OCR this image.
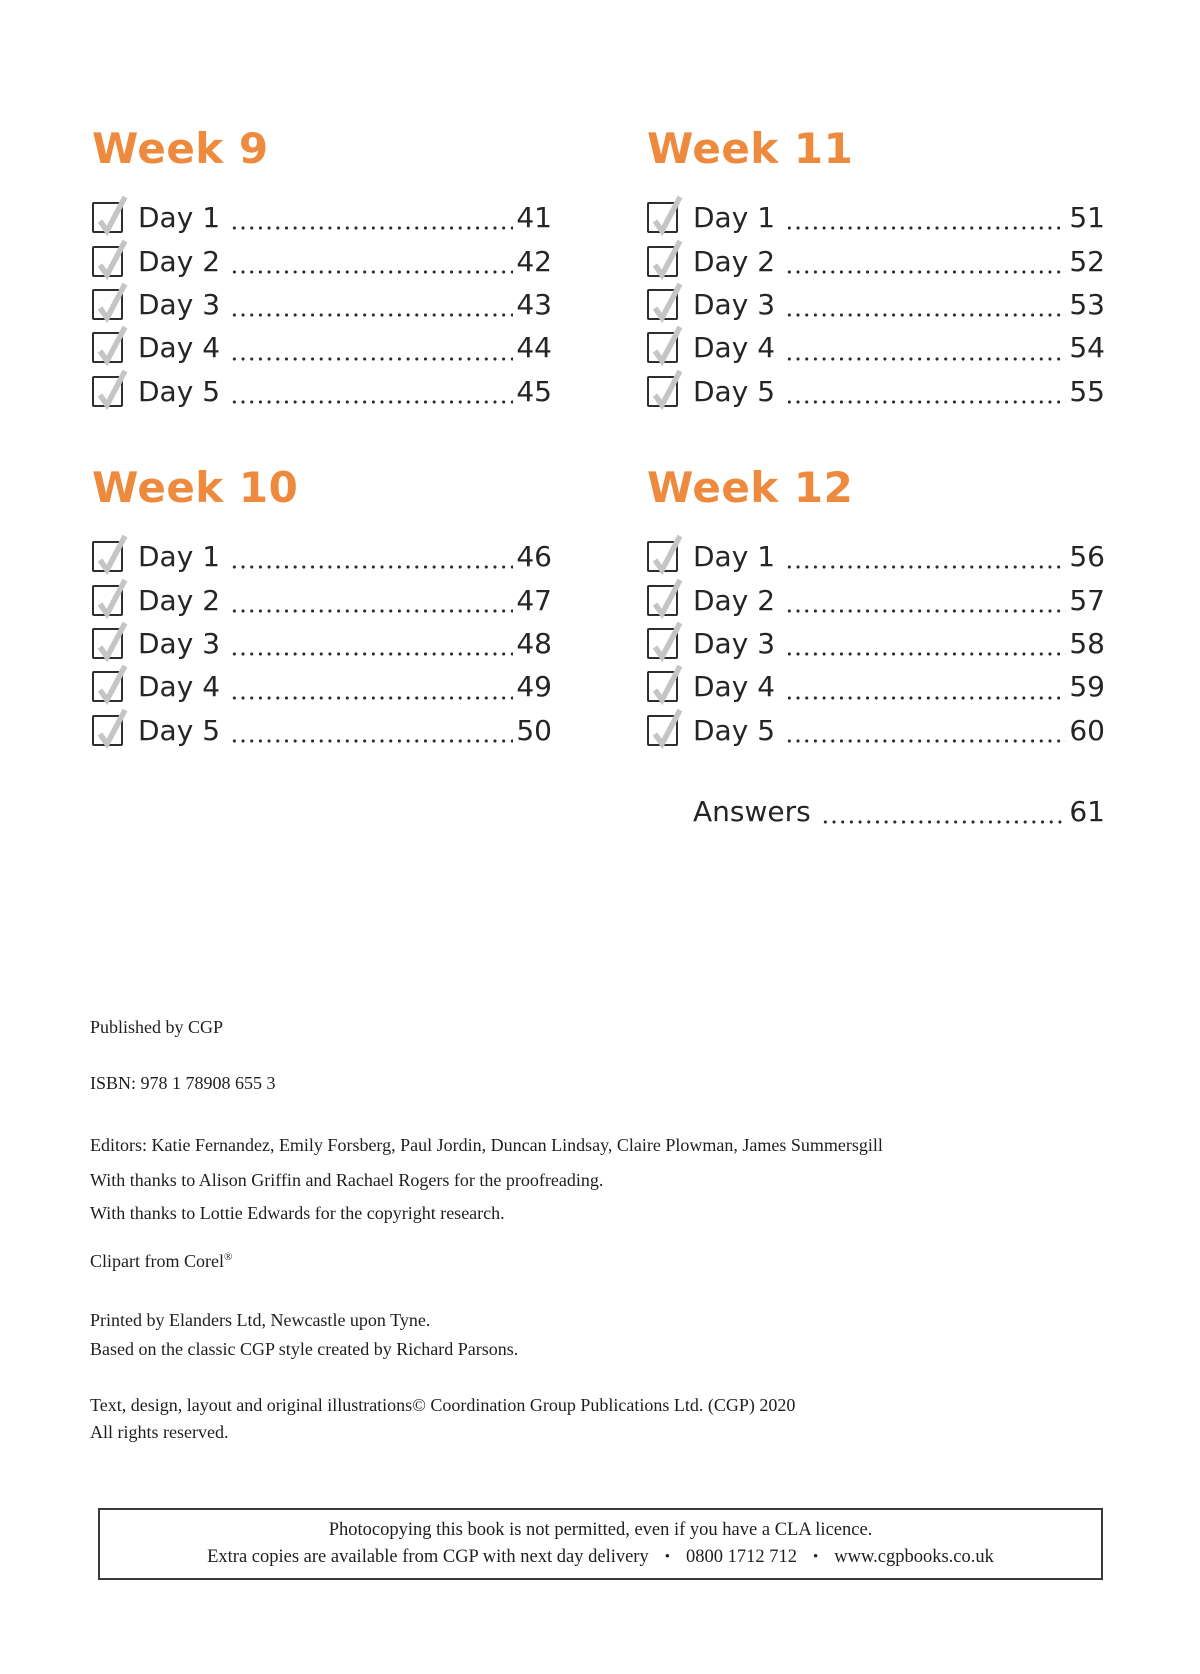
Week 9
Day 1	41
Day 2	42
Day 3	43
Day 4	44
Day 5	45
Week 11
Day 1	51
Day 2	52
Day 3	53
Day 4	54
Day 5	55
Week 10
Day 1	46
Day 2	47
Day 3	48
Day 4	49
Day 5	50
Week 12
Day 1	56
Day 2	57
Day 3	58
Day 4	59
Day 5	60
Answers	61
Published by CGP
ISBN: 978 1 78908 655 3
Editors: Katie Fernandez, Emily Forsberg, Paul Jordin, Duncan Lindsay, Claire Plowman, James Summersgill
With thanks to Alison Griffin and Rachael Rogers for the proofreading.
With thanks to Lottie Edwards for the copyright research.
Clipart from Corel®
Printed by Elanders Ltd, Newcastle upon Tyne.
Based on the classic CGP style created by Richard Parsons.
Text, design, layout and original illustrations© Coordination Group Publications Ltd. (CGP) 2020
All rights reserved.
Photocopying this book is not permitted, even if you have a CLA licence.
Extra copies are available from CGP with next day delivery • 0800 1712 712 • www.cgpbooks.co.uk
